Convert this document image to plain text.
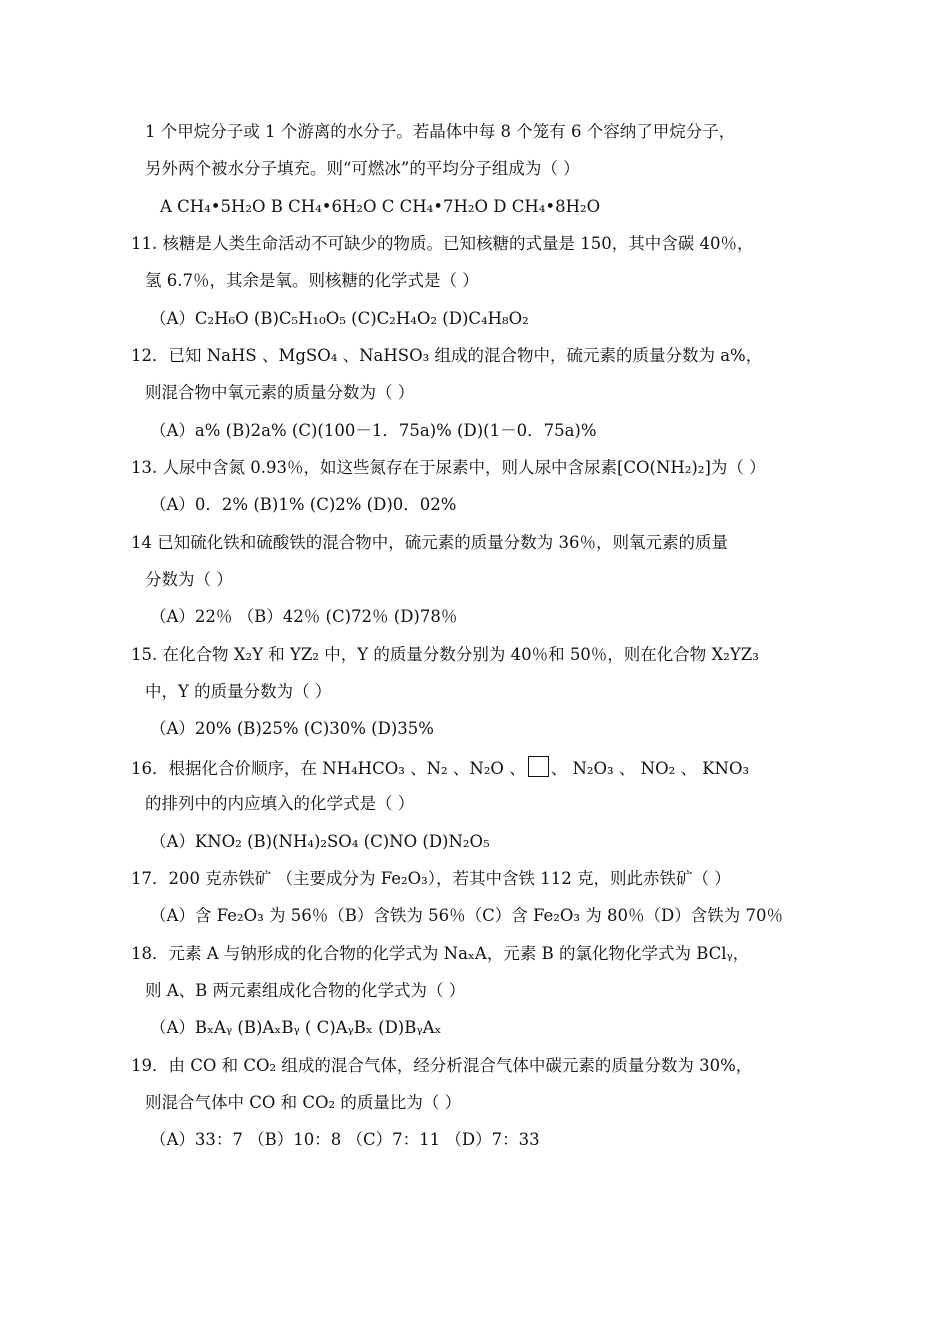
1 个甲烷分子或 1 个游离的水分子。若晶体中每 8 个笼有 6 个容纳了甲烷分子，
另外两个被水分子填充。则“可燃冰”的平均分子组成为（ ）
A CH₄•5H₂O B CH₄•6H₂O C CH₄•7H₂O D CH₄•8H₂O
11. 核糖是人类生命活动不可缺少的物质。已知核糖的式量是 150，其中含碳 40％，
氢 6.7％，其余是氧。则核糖的化学式是（ ）
（A）C₂H₆O (B)C₅H₁₀O₅ (C)C₂H₄O₂ (D)C₄H₈O₂
12．已知 NaHS 、MgSO₄ 、NaHSO₃ 组成的混合物中，硫元素的质量分数为 a%，
则混合物中氧元素的质量分数为（ ）
（A）a% (B)2a% (C)(100－1．75a)% (D)(1－0．75a)%
13. 人尿中含氮 0.93％，如这些氮存在于尿素中，则人尿中含尿素[CO(NH₂)₂]为（ ）
（A）0．2% (B)1% (C)2% (D)0．02%
14 已知硫化铁和硫酸铁的混合物中，硫元素的质量分数为 36％，则氧元素的质量
分数为（ ）
（A）22％ （B）42％ (C)72％ (D)78％
15. 在化合物 X₂Y 和 YZ₂ 中，Y 的质量分数分别为 40％和 50％，则在化合物 X₂YZ₃
中，Y 的质量分数为（ ）
（A）20% (B)25% (C)30% (D)35%
16．根据化合价顺序，在 NH₄HCO₃ 、N₂ 、N₂O 、 、 N₂O₃ 、 NO₂ 、 KNO₃
的排列中的内应填入的化学式是（ ）
（A）KNO₂ (B)(NH₄)₂SO₄ (C)NO (D)N₂O₅
17．200 克赤铁矿 （主要成分为 Fe₂O₃），若其中含铁 112 克，则此赤铁矿（ ）
（A）含 Fe₂O₃ 为 56％（B）含铁为 56％（C）含 Fe₂O₃ 为 80％（D）含铁为 70％
18．元素 A 与钠形成的化合物的化学式为 NaₓA，元素 B 的氯化物化学式为 BClᵧ，
则 A、B 两元素组成化合物的化学式为（ ）
（A）BₓAᵧ (B)AₓBᵧ ( C)AᵧBₓ (D)BᵧAₓ
19．由 CO 和 CO₂ 组成的混合气体，经分析混合气体中碳元素的质量分数为 30%，
则混合气体中 CO 和 CO₂ 的质量比为（ ）
（A）33：7 （B）10：8 （C）7：11 （D）7：33
